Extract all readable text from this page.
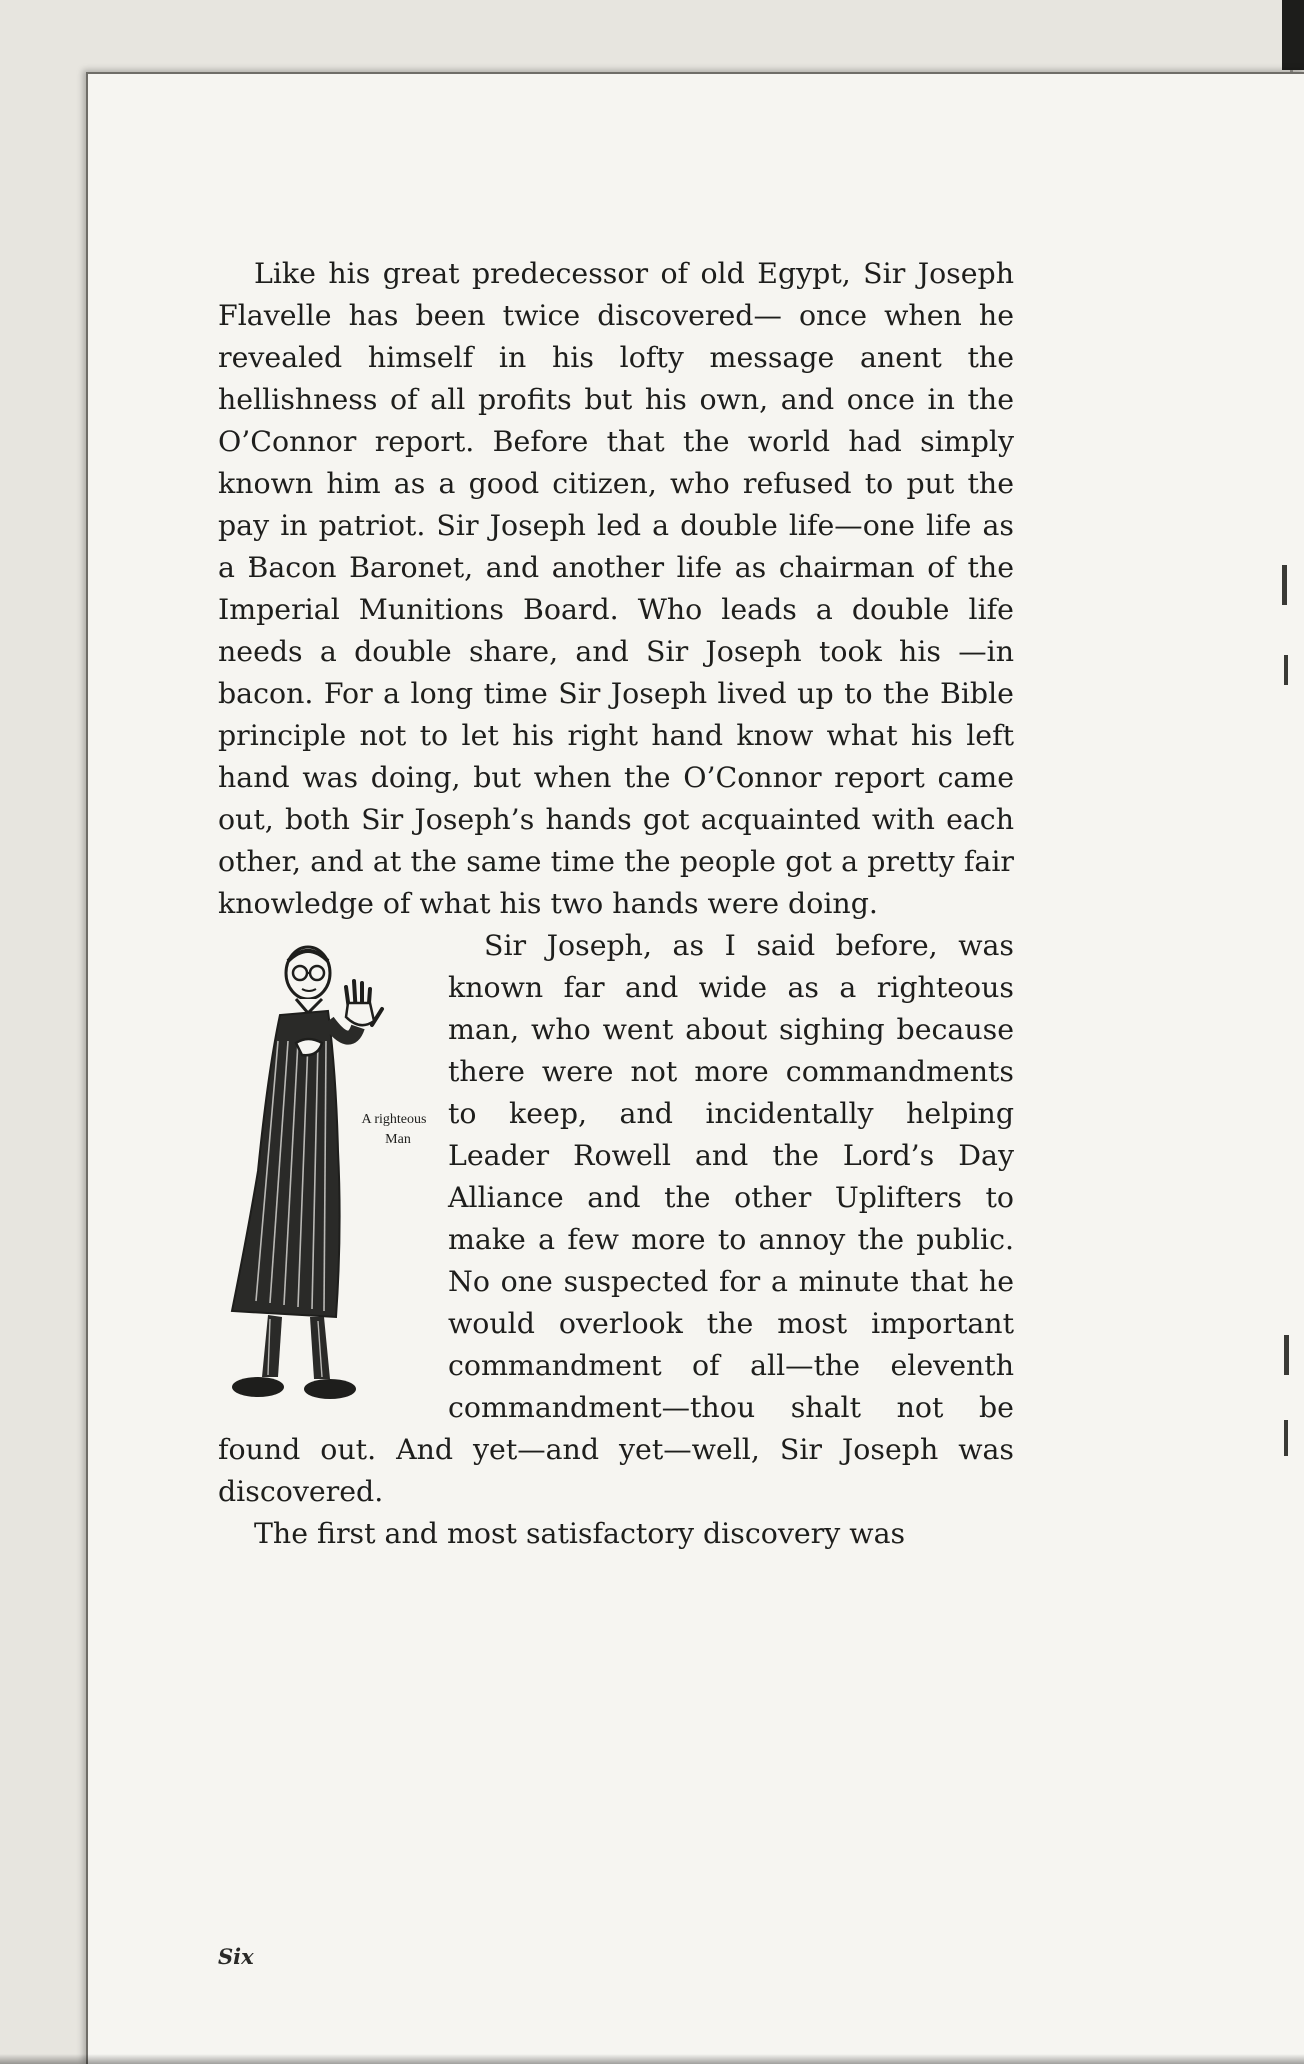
Like his great predecessor of old Egypt, Sir Joseph Flavelle has been twice discovered— once when he revealed himself in his lofty message anent the hellishness of all profits but his own, and once in the O’Connor report. Before that the world had simply known him as a good citizen, who refused to put the pay in patriot. Sir Joseph led a double life—one life as a Bacon Baronet, and another life as chairman of the Imperial Munitions Board. Who leads a double life needs a double share, and Sir Joseph took his —in bacon. For a long time Sir Joseph lived up to the Bible principle not to let his right hand know what his left hand was doing, but when the O’Connor report came out, both Sir Joseph’s hands got acquainted with each other, and at the same time the people got a pretty fair knowledge of what his two hands were doing.

A righteous
Man

Sir Joseph, as I said before, was known far and wide as a righteous man, who went about sighing because there were not more commandments to keep, and incidentally helping Leader Rowell and the Lord’s Day Alliance and the other Uplifters to make a few more to annoy the public. No one suspected for a minute that he would overlook the most important commandment of all—the eleventh commandment—thou shalt not be found out. And yet—and yet—well, Sir Joseph was discovered.

The first and most satisfactory discovery was

Six
